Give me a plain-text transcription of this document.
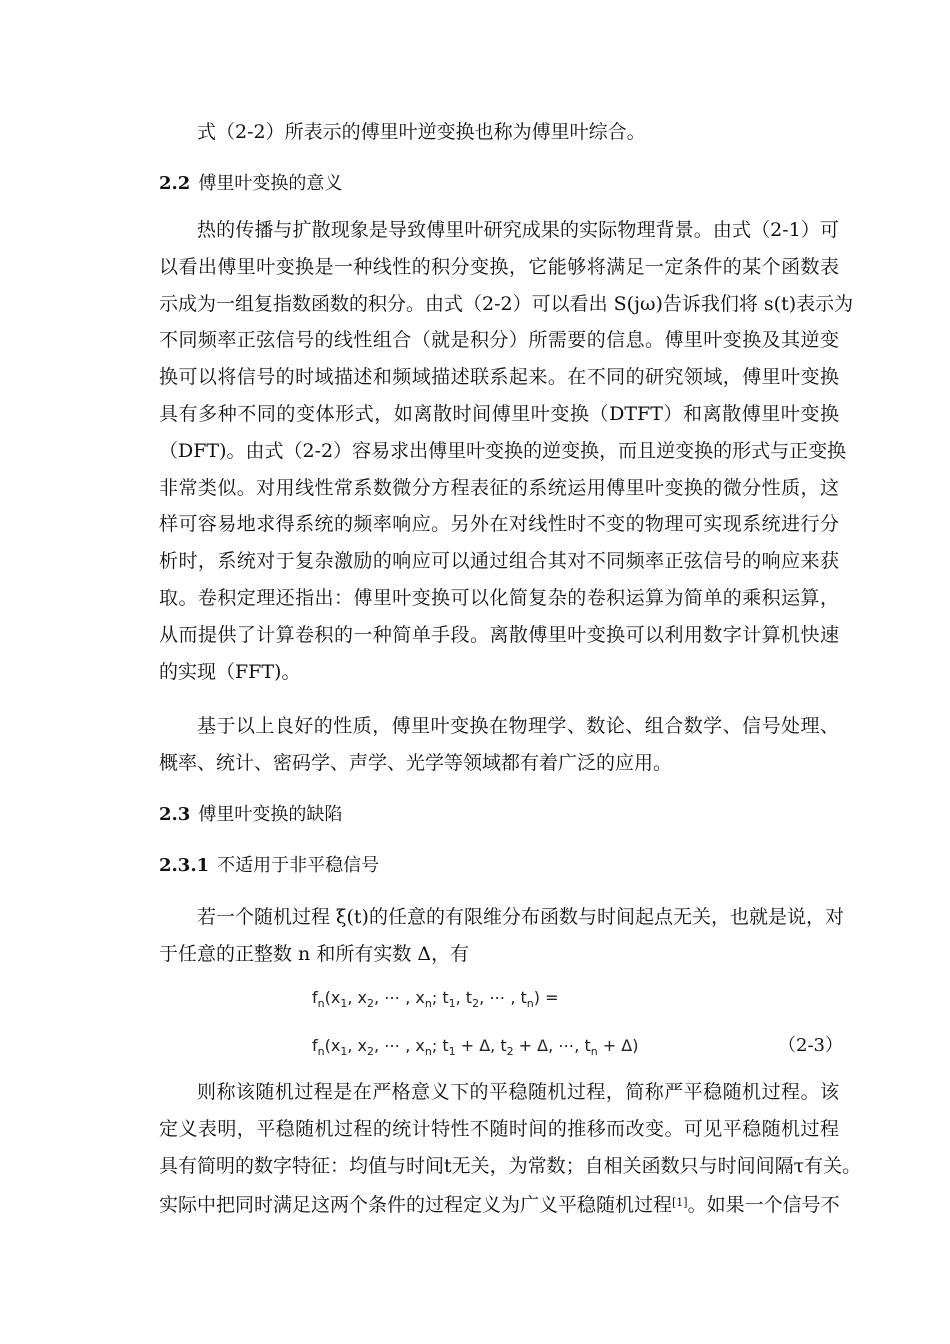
式（2-2）所表示的傅里叶逆变换也称为傅里叶综合。
2.2 傅里叶变换的意义
热的传播与扩散现象是导致傅里叶研究成果的实际物理背景。由式（2-1）可
以看出傅里叶变换是一种线性的积分变换，它能够将满足一定条件的某个函数表
示成为一组复指数函数的积分。由式（2-2）可以看出 S(jω)告诉我们将 s(t)表示为
不同频率正弦信号的线性组合（就是积分）所需要的信息。傅里叶变换及其逆变
换可以将信号的时域描述和频域描述联系起来。在不同的研究领域，傅里叶变换
具有多种不同的变体形式，如离散时间傅里叶变换（DTFT）和离散傅里叶变换
（DFT)。由式（2-2）容易求出傅里叶变换的逆变换，而且逆变换的形式与正变换
非常类似。对用线性常系数微分方程表征的系统运用傅里叶变换的微分性质，这
样可容易地求得系统的频率响应。另外在对线性时不变的物理可实现系统进行分
析时，系统对于复杂激励的响应可以通过组合其对不同频率正弦信号的响应来获
取。卷积定理还指出：傅里叶变换可以化简复杂的卷积运算为简单的乘积运算，
从而提供了计算卷积的一种简单手段。离散傅里叶变换可以利用数字计算机快速
的实现（FFT)。
基于以上良好的性质，傅里叶变换在物理学、数论、组合数学、信号处理、
概率、统计、密码学、声学、光学等领域都有着广泛的应用。
2.3 傅里叶变换的缺陷
2.3.1 不适用于非平稳信号
若一个随机过程 ξ(t)的任意的有限维分布函数与时间起点无关，也就是说，对
于任意的正整数 n 和所有实数 Δ，有
$f_n(x_1$, $x_2$, ⋯ , $x_n$; $t_1$, $t_2$, ⋯ , $t_n$) =
$f_n(x_1$, $x_2$, ⋯ , $x_n$; $t_1 + \Delta$, $t_2 + \Delta$, ⋯, $t_n + \Delta$)	（2-3）
则称该随机过程是在严格意义下的平稳随机过程，简称严平稳随机过程。该
定义表明，平稳随机过程的统计特性不随时间的推移而改变。可见平稳随机过程
具有简明的数字特征：均值与时间t无关，为常数；自相关函数只与时间间隔τ有关。
实际中把同时满足这两个条件的过程定义为广义平稳随机过程[1]。如果一个信号不
